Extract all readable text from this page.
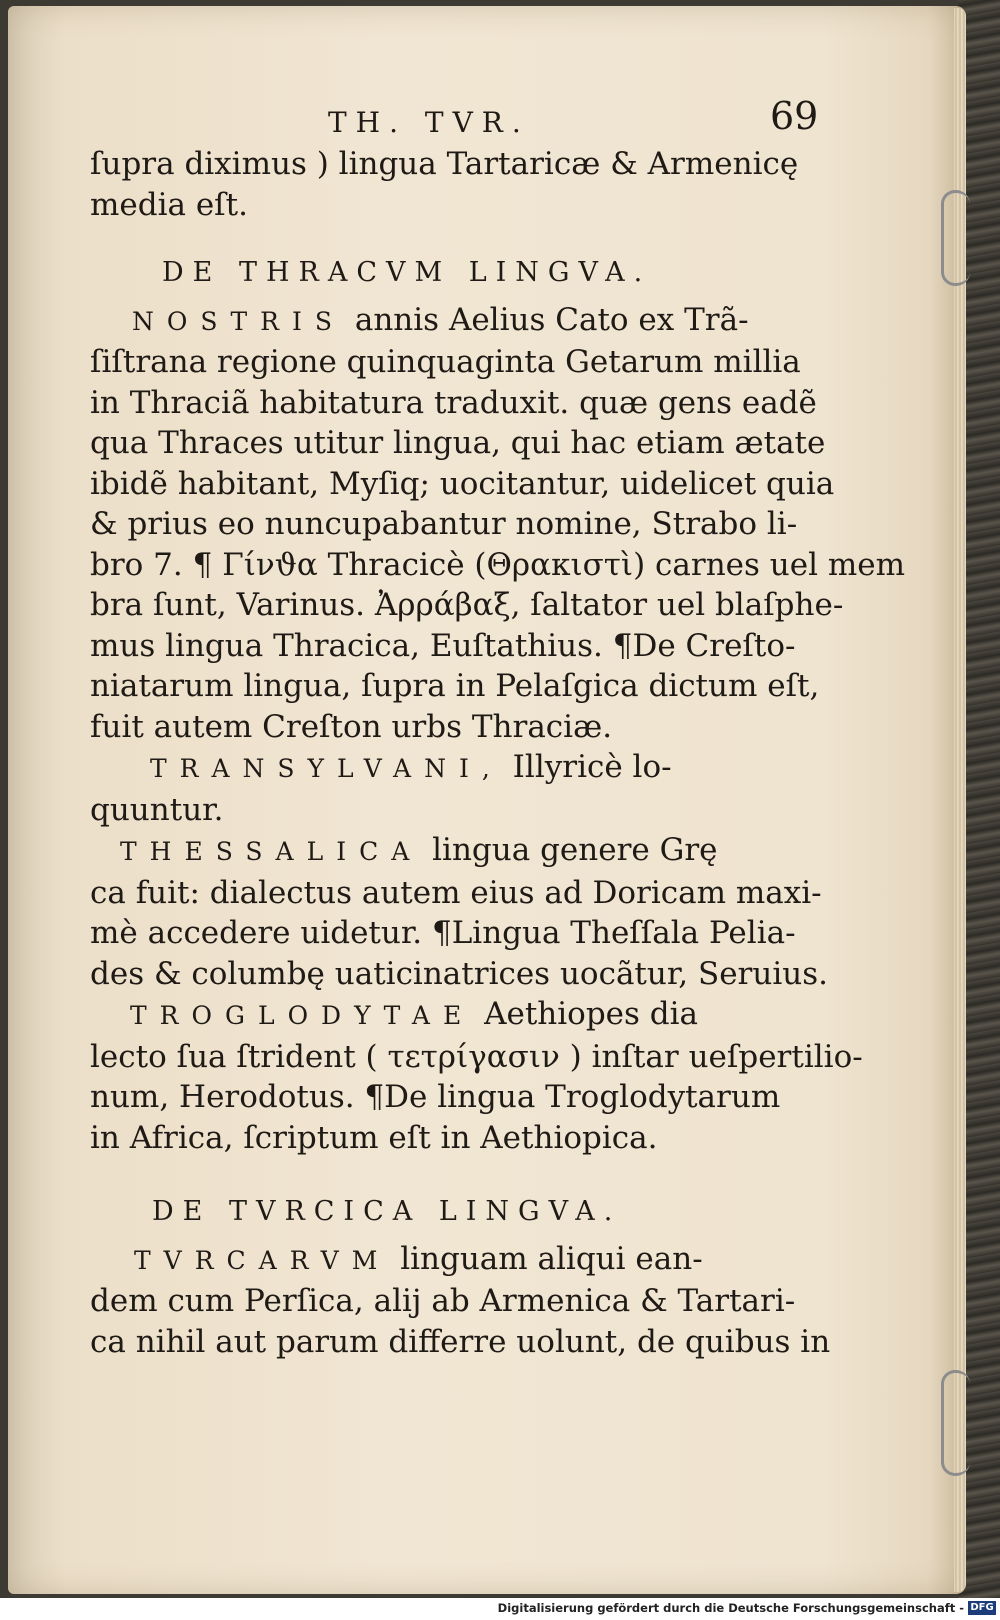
TH. TVR.	69

ſupra diximus ) lingua Tartaricæ & Armenicę

media eſt.

DE THRACVM LINGVA.

NOSTRIS annis Aelius Cato ex Trã-

ſiſtrana regione quinquaginta Getarum millia

in Thraciã habitatura traduxit. quæ gens eadẽ

qua Thraces utitur lingua, qui hac etiam ætate

ibidẽ habitant, Myſiq; uocitantur, uidelicet quia

& prius eo nuncupabantur nomine, Strabo li-

bro 7. ¶ Γίνϑα Thracicè (Θρακιστὶ) carnes uel mem

bra ſunt, Varinus. Ἀρράβαξ, ſaltator uel blaſphe-

mus lingua Thracica, Euſtathius. ¶De Creſto-

niatarum lingua, ſupra in Pelaſgica dictum eſt,

fuit autem Creſton urbs Thraciæ.

TRANSYLVANI, Illyricè lo-

quuntur.

THESSALICA lingua genere Grę

ca fuit: dialectus autem eius ad Doricam maxi-

mè accedere uidetur. ¶Lingua Theſſala Pelia-

des & columbę uaticinatrices uocãtur, Seruius.

TROGLODYTAE Aethiopes dia

lecto ſua ſtrident ( τετρίγασιν ) inſtar ueſpertilio-

num, Herodotus. ¶De lingua Troglodytarum

in Africa, ſcriptum eſt in Aethiopica.

DE TVRCICA LINGVA.

TVRCARVM linguam aliqui ean-

dem cum Perſica, alij ab Armenica & Tartari-

ca nihil aut parum differre uolunt, de quibus in

Digitalisierung gefördert durch die Deutsche Forschungsgemeinschaft - DFG
